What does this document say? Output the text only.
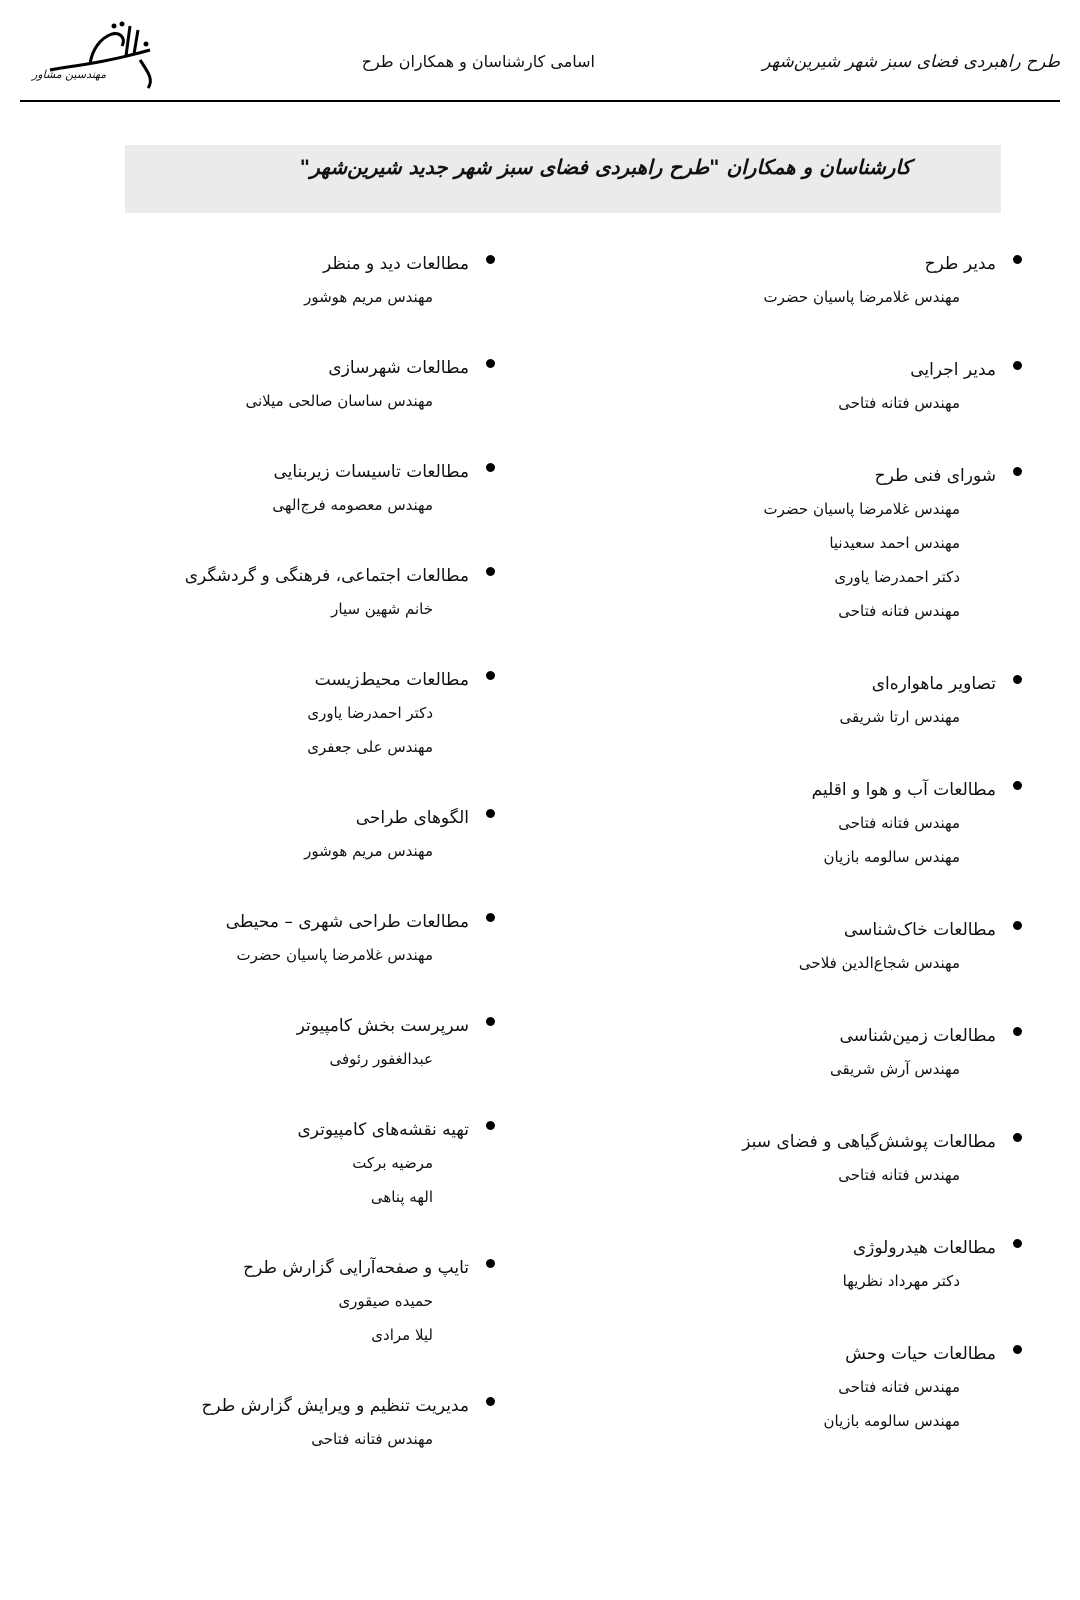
طرح راهبردی فضای سبز شهر شیرین‌شهر
اسامی کارشناسان و همکاران طرح
مهندسین مشاور
کارشناسان و همکاران "طرح راهبردی فضای سبز شهر جدید شیرین‌شهر"
مدیر طرح
مهندس غلامرضا پاسیان حضرت
مدیر اجرایی
مهندس فتانه فتاحی
شورای فنی طرح
مهندس غلامرضا پاسیان حضرت
مهندس احمد سعیدنیا
دکتر احمدرضا یاوری
مهندس فتانه فتاحی
تصاویر ماهواره‌ای
مهندس ارتا شریقی
مطالعات آب و هوا و اقلیم
مهندس فتانه فتاحی
مهندس سالومه بازیان
مطالعات خاک‌شناسی
مهندس شجاع‌الدین فلاحی
مطالعات زمین‌شناسی
مهندس آرش شریقی
مطالعات پوشش‌گیاهی و فضای سبز
مهندس فتانه فتاحی
مطالعات هیدرولوژی
دکتر مهرداد نظریها
مطالعات حیات وحش
مهندس فتانه فتاحی
مهندس سالومه بازیان
مطالعات دید و منظر
مهندس مریم هوشور
مطالعات شهرسازی
مهندس ساسان صالحی میلانی
مطالعات تاسیسات زیربنایی
مهندس معصومه فرج‌الهی
مطالعات اجتماعی، فرهنگی و گردشگری
خانم شهین سیار
مطالعات محیط‌زیست
دکتر احمدرضا یاوری
مهندس علی جعفری
الگوهای طراحی
مهندس مریم هوشور
مطالعات طراحی شهری – محیطی
مهندس غلامرضا پاسیان حضرت
سرپرست بخش کامپیوتر
عبدالغفور رئوفی
تهیه نقشه‌های کامپیوتری
مرضیه برکت
الهه پناهی
تایپ و صفحه‌آرایی گزارش طرح
حمیده صیقوری
لیلا مرادی
مدیریت تنظیم و ویرایش گزارش طرح
مهندس فتانه فتاحی
